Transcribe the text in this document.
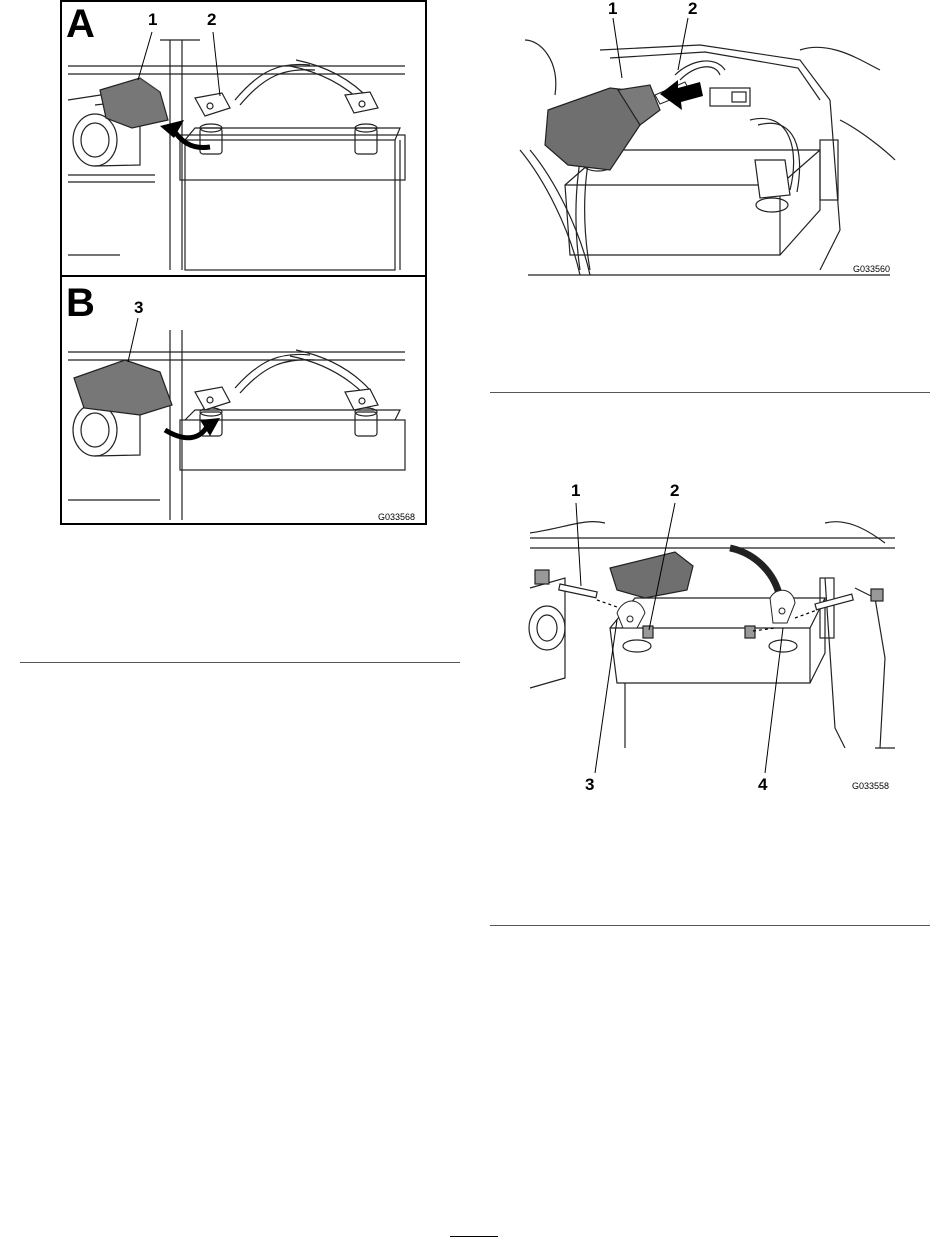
A	1	2
B 3
G033568
1	2
G033560
1	2
3	4	G033558
